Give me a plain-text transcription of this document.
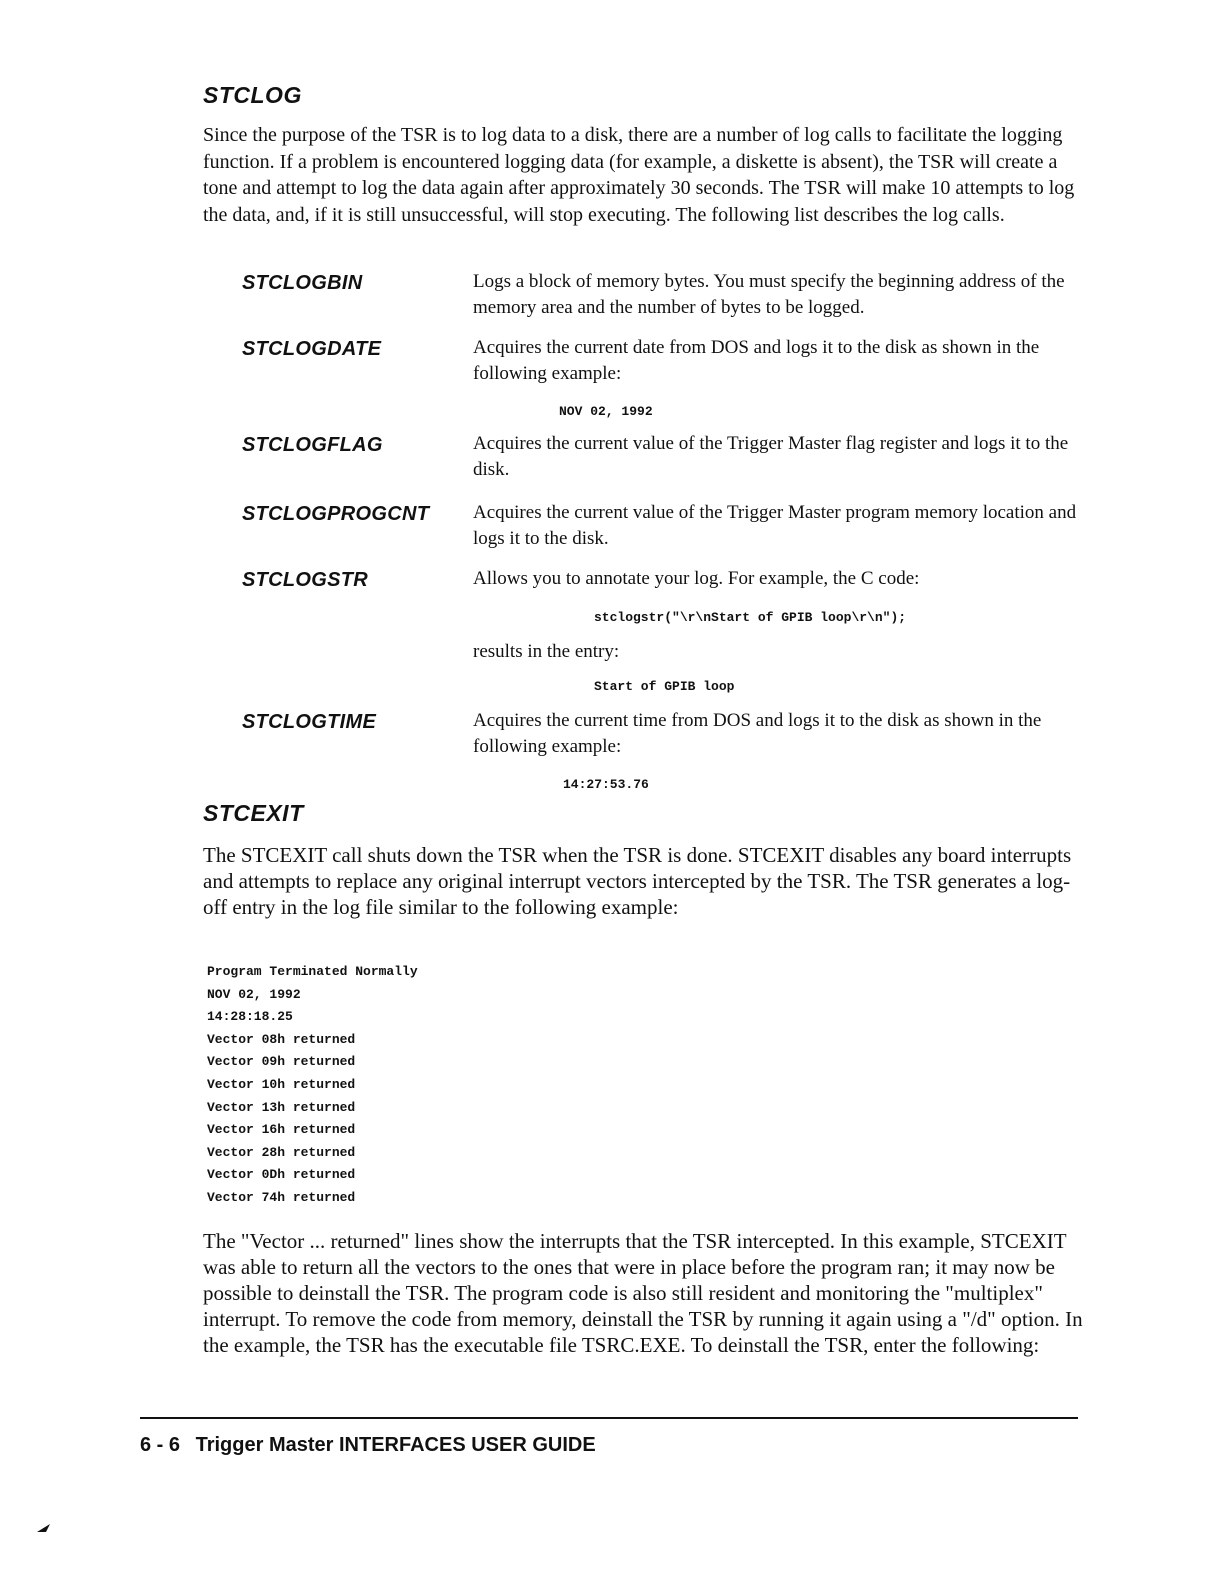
STCLOG

Since the purpose of the TSR is to log data to a disk, there are a number of log calls to facilitate the logging function. If a problem is encountered logging data (for example, a diskette is absent), the TSR will create a tone and attempt to log the data again after approximately 30 seconds. The TSR will make 10 attempts to log the data, and, if it is still unsuccessful, will stop executing. The following list describes the log calls.

STCLOGBIN	Logs a block of memory bytes. You must specify the beginning address of the memory area and the number of bytes to be logged.

STCLOGDATE	Acquires the current date from DOS and logs it to the disk as shown in the following example:

NOV 02, 1992
STCLOGFLAG	Acquires the current value of the Trigger Master flag register and logs it to the disk.

STCLOGPROGCNT Acquires the current value of the Trigger Master program memory location and logs it to the disk.

STCLOGSTR	Allows you to annotate your log. For example, the C code:

stclogstr("\r\nStart of GPIB loop\r\n");

results in the entry:

Start of GPIB loop
STCLOGTIME	Acquires the current time from DOS and logs it to the disk as shown in the following example:

14:27:53.76
STCEXIT

The STCEXIT call shuts down the TSR when the TSR is done. STCEXIT disables any board interrupts and attempts to replace any original interrupt vectors intercepted by the TSR. The TSR generates a log-off entry in the log file similar to the following example:

Program Terminated Normally
NOV 02, 1992
14:28:18.25
Vector 08h returned
Vector 09h returned
Vector 10h returned
Vector 13h returned
Vector 16h returned
Vector 28h returned
Vector 0Dh returned
Vector 74h returned

The "Vector ... returned" lines show the interrupts that the TSR intercepted. In this example, STCEXIT was able to return all the vectors to the ones that were in place before the program ran; it may now be possible to deinstall the TSR. The program code is also still resident and monitoring the "multiplex" interrupt. To remove the code from memory, deinstall the TSR by running it again using a "/d" option. In the example, the TSR has the executable file TSRC.EXE. To deinstall the TSR, enter the following:

6 - 6 Trigger Master INTERFACES USER GUIDE
